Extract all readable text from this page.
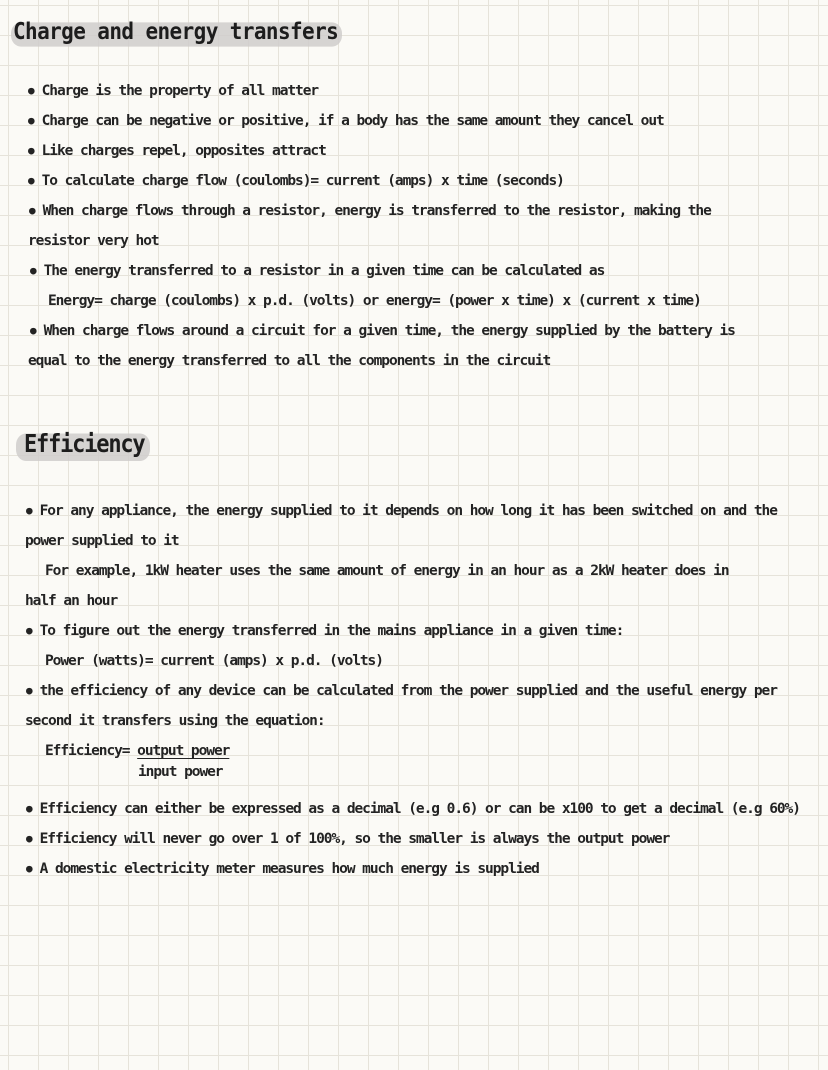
Charge and energy transfers
● Charge is the property of all matter
● Charge can be negative or positive, if a body has the same amount they cancel out
● Like charges repel, opposites attract
● To calculate charge flow (coulombs)= current (amps) x time (seconds)
● When charge flows through a resistor, energy is transferred to the resistor, making the
resistor very hot
● The energy transferred to a resistor in a given time can be calculated as
Energy= charge (coulombs) x p.d. (volts) or energy= (power x time) x (current x time)
● When charge flows around a circuit for a given time, the energy supplied by the battery is
equal to the energy transferred to all the components in the circuit
Efficiency
● For any appliance, the energy supplied to it depends on how long it has been switched on and the
power supplied to it
For example, 1kW heater uses the same amount of energy in an hour as a 2kW heater does in
half an hour
● To figure out the energy transferred in the mains appliance in a given time:
Power (watts)= current (amps) x p.d. (volts)
● the efficiency of any device can be calculated from the power supplied and the useful energy per
second it transfers using the equation:
Efficiency= output power
input power
● Efficiency can either be expressed as a decimal (e.g 0.6) or can be x100 to get a decimal (e.g 60%)
● Efficiency will never go over 1 of 100%, so the smaller is always the output power
● A domestic electricity meter measures how much energy is supplied
